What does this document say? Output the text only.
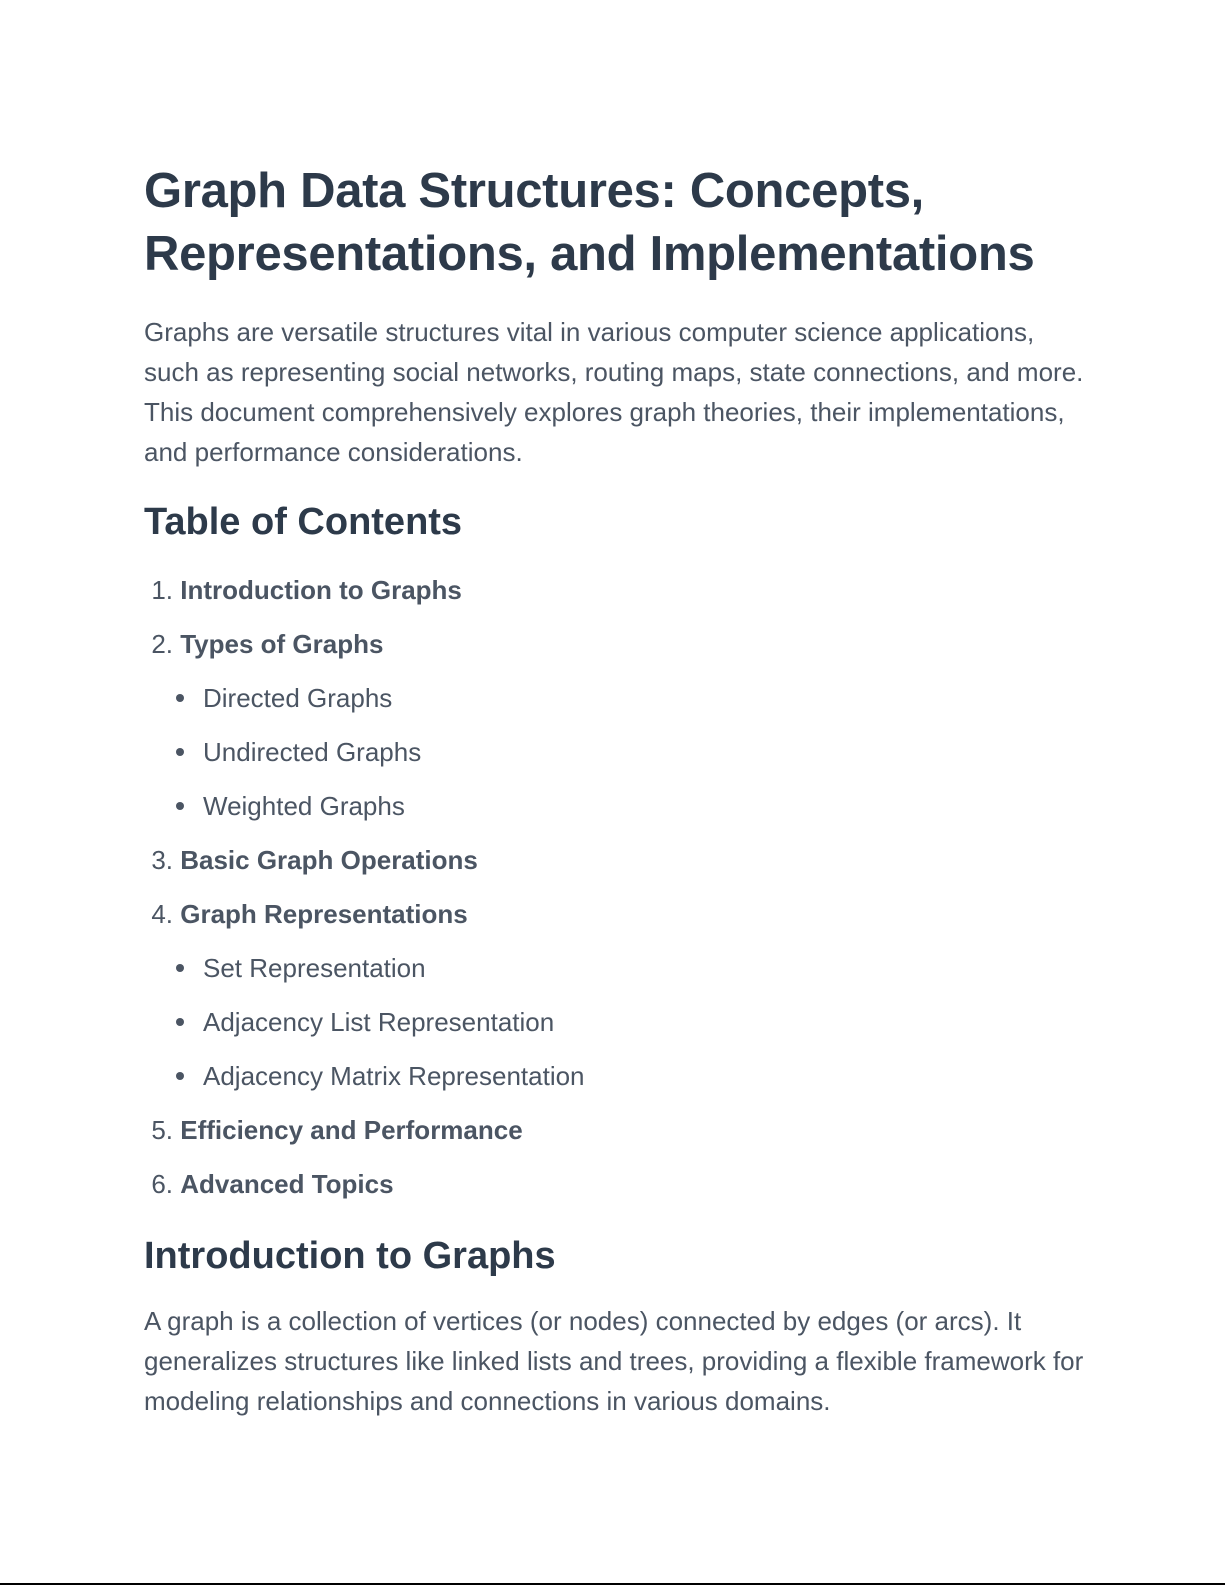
Graph Data Structures: Concepts, Representations, and Implementations

Graphs are versatile structures vital in various computer science applications, such as representing social networks, routing maps, state connections, and more. This document comprehensively explores graph theories, their implementations, and performance considerations.

Table of Contents
1. Introduction to Graphs
2. Types of Graphs
Directed Graphs
Undirected Graphs
Weighted Graphs
3. Basic Graph Operations
4. Graph Representations
Set Representation
Adjacency List Representation
Adjacency Matrix Representation
5. Efficiency and Performance
6. Advanced Topics
Introduction to Graphs

A graph is a collection of vertices (or nodes) connected by edges (or arcs). It generalizes structures like linked lists and trees, providing a flexible framework for modeling relationships and connections in various domains.
